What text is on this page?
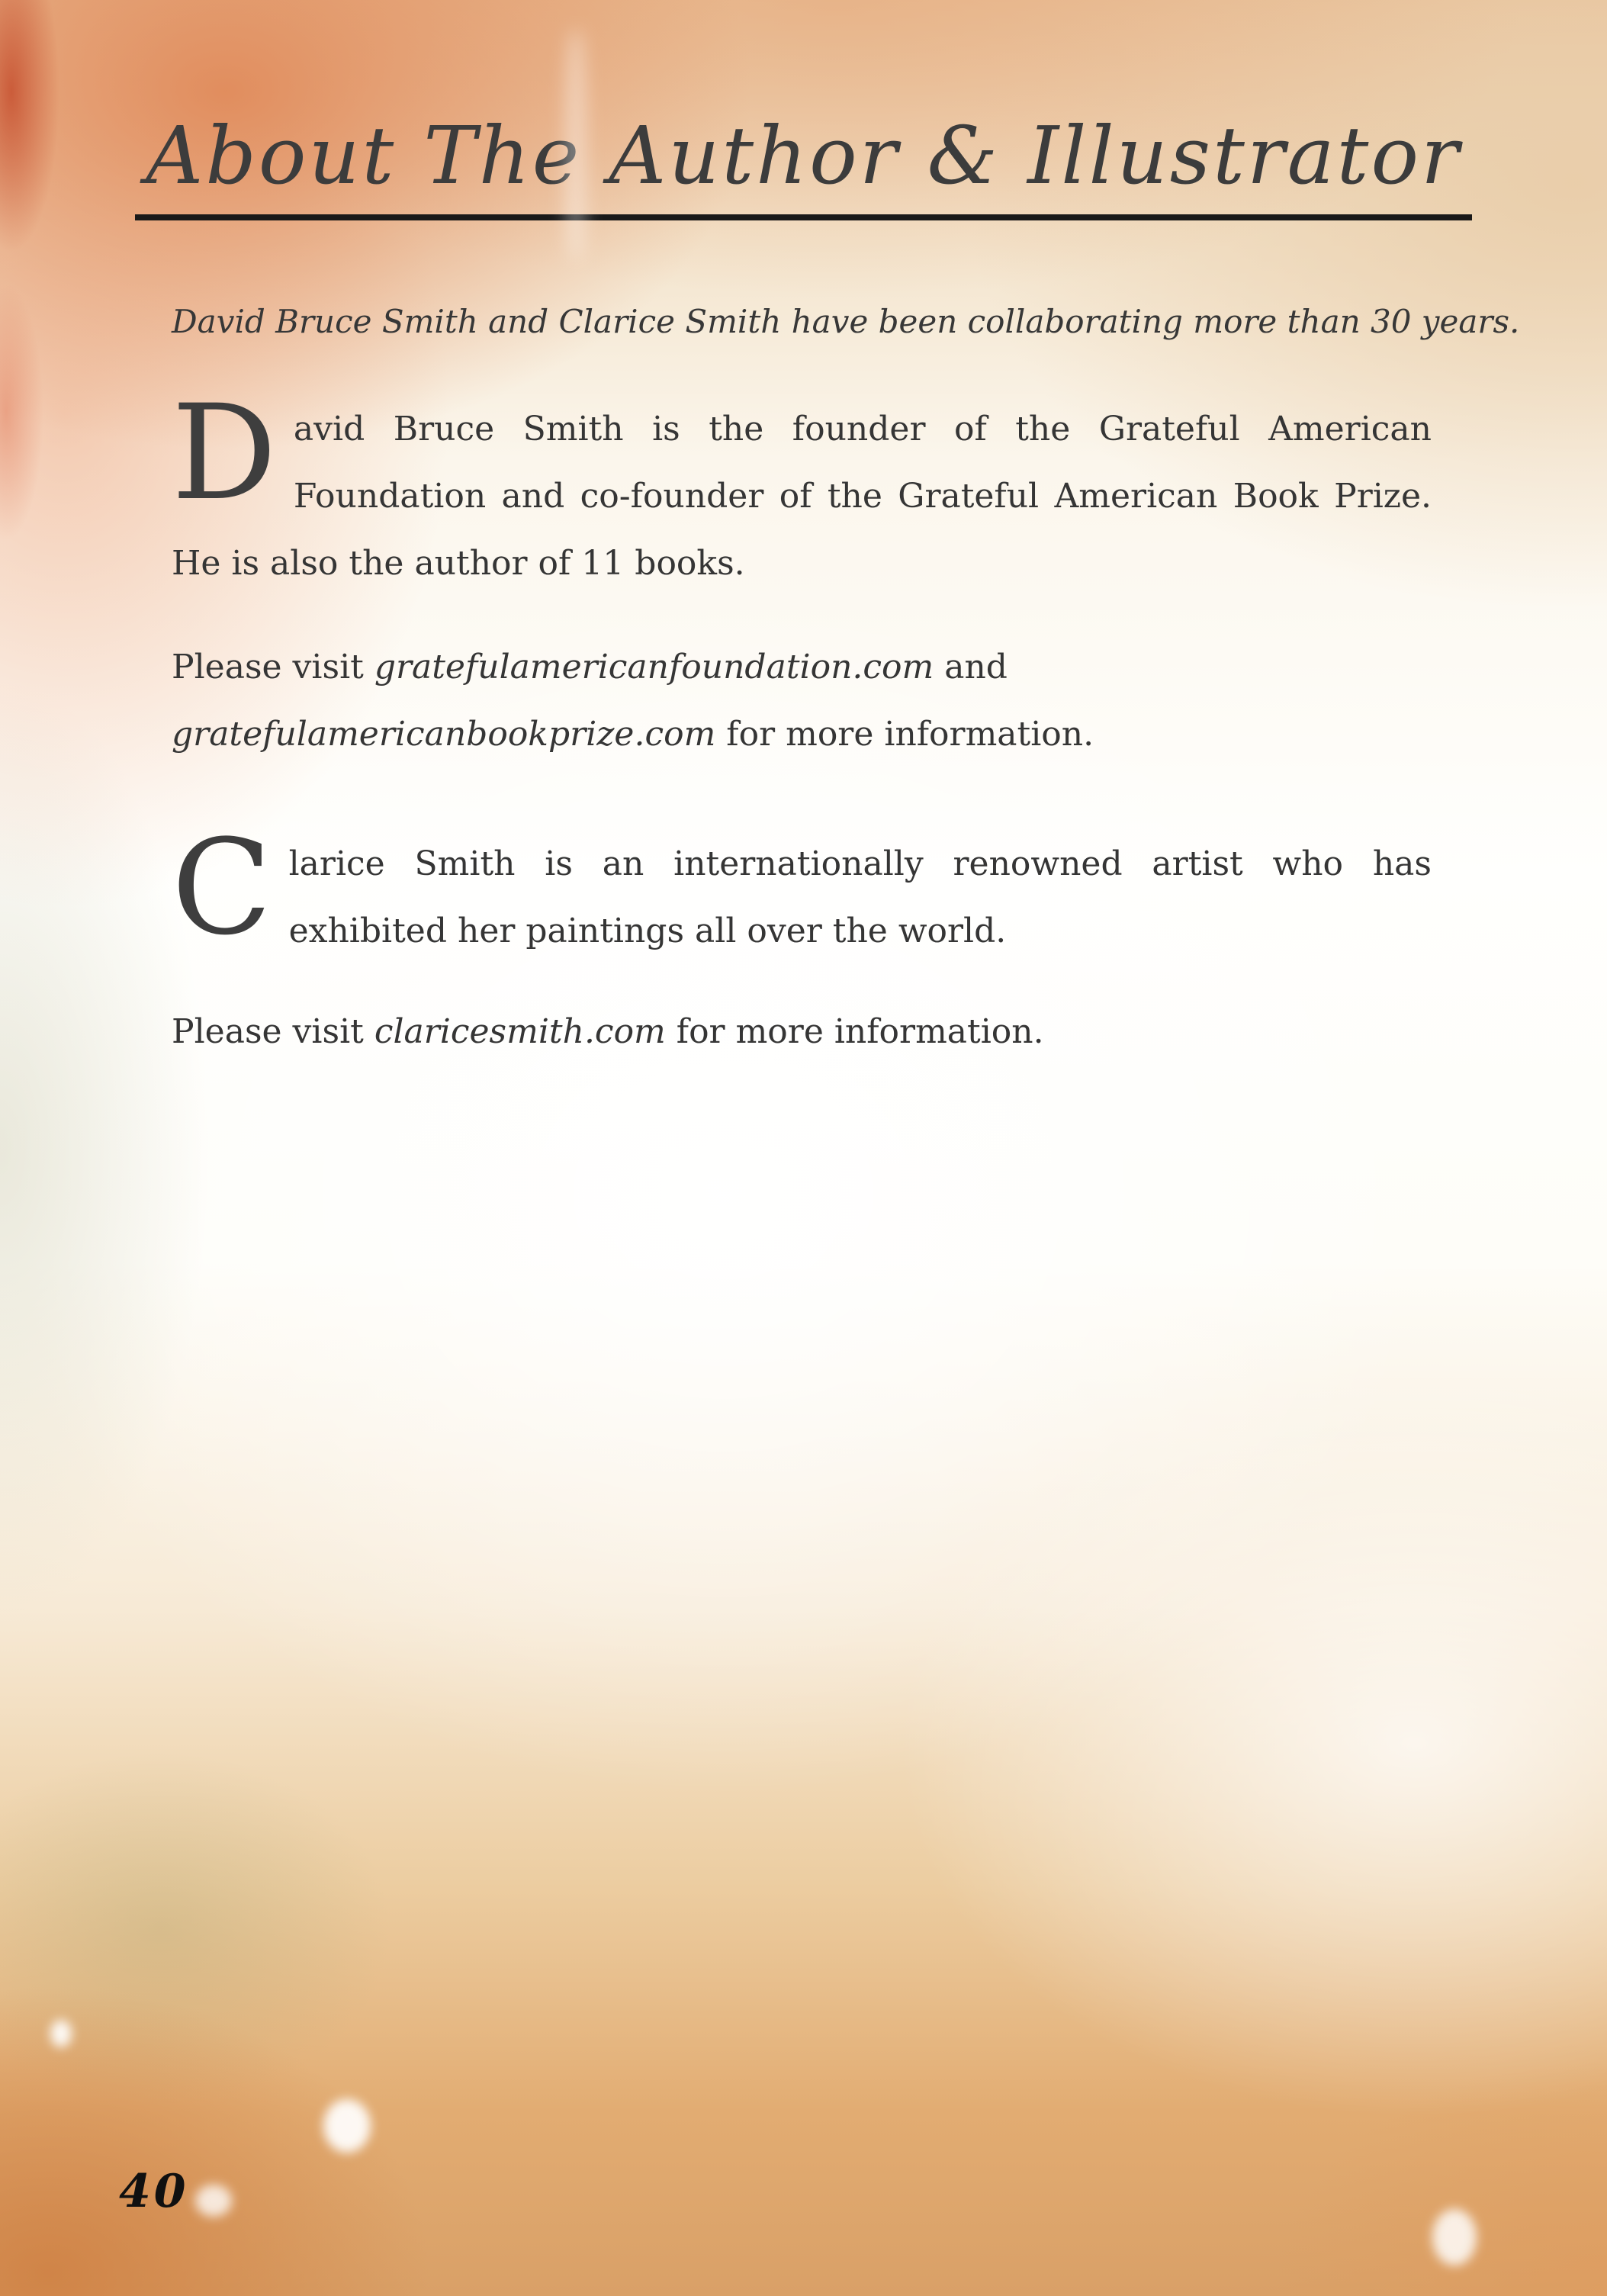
About The Author & Illustrator

David Bruce Smith and Clarice Smith have been collaborating more than 30 years.

David Bruce Smith is the founder of the Grateful American Foundation and co-founder of the Grateful American Book Prize. He is also the author of 11 books.

Please visit gratefulamericanfoundation.com and
gratefulamericanbookprize.com for more information.

Clarice Smith is an internationally renowned artist who has exhibited her paintings all over the world.

Please visit claricesmith.com for more information.

40
